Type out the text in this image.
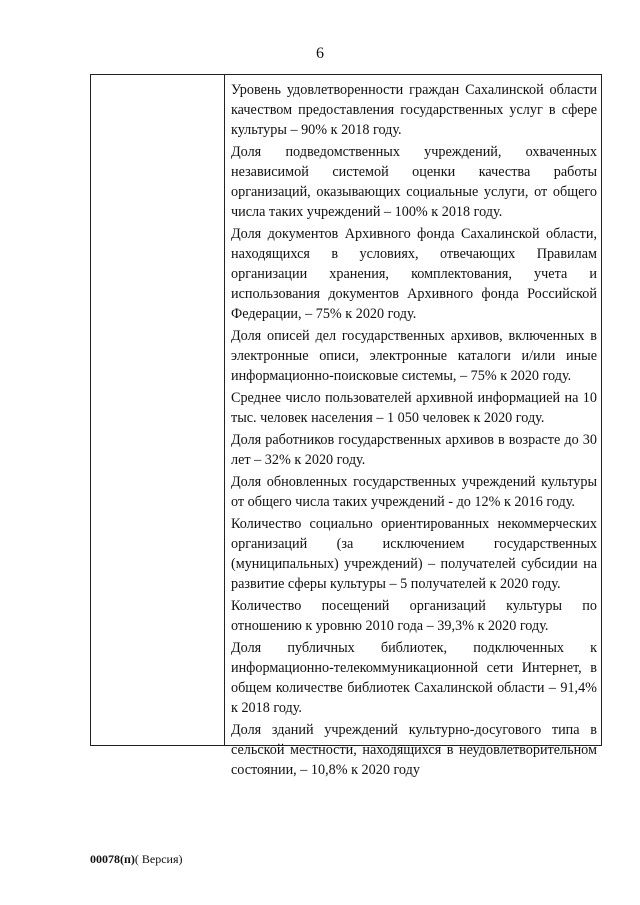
6

Уровень удовлетворенности граждан Сахалинской области качеством предоставления государственных услуг в сфере культуры – 90% к 2018 году.

Доля подведомственных учреждений, охваченных независимой системой оценки качества работы организаций, оказывающих социальные услуги, от общего числа таких учреждений – 100% к 2018 году.

Доля документов Архивного фонда Сахалинской области, находящихся в условиях, отвечающих Правилам организации хранения, комплектования, учета и использования документов Архивного фонда Российской Федерации, – 75% к 2020 году.

Доля описей дел государственных архивов, включенных в электронные описи, электронные каталоги и/или иные информационно-поисковые системы, – 75% к 2020 году.

Среднее число пользователей архивной информацией на 10 тыс. человек населения – 1 050 человек к 2020 году.

Доля работников государственных архивов в возрасте до 30 лет – 32% к 2020 году.

Доля обновленных государственных учреждений культуры от общего числа таких учреждений - до 12% к 2016 году.

Количество социально ориентированных некоммерческих организаций (за исключением государственных (муниципальных) учреждений) – получателей субсидии на развитие сферы культуры – 5 получателей к 2020 году.

Количество посещений организаций культуры по отношению к уровню 2010 года – 39,3% к 2020 году.

Доля публичных библиотек, подключенных к информационно-телекоммуникационной сети Интернет, в общем количестве библиотек Сахалинской области – 91,4% к 2018 году.

Доля зданий учреждений культурно-досугового типа в сельской местности, находящихся в неудовлетворительном состоянии, – 10,8% к 2020 году

00078(п)( Версия)
